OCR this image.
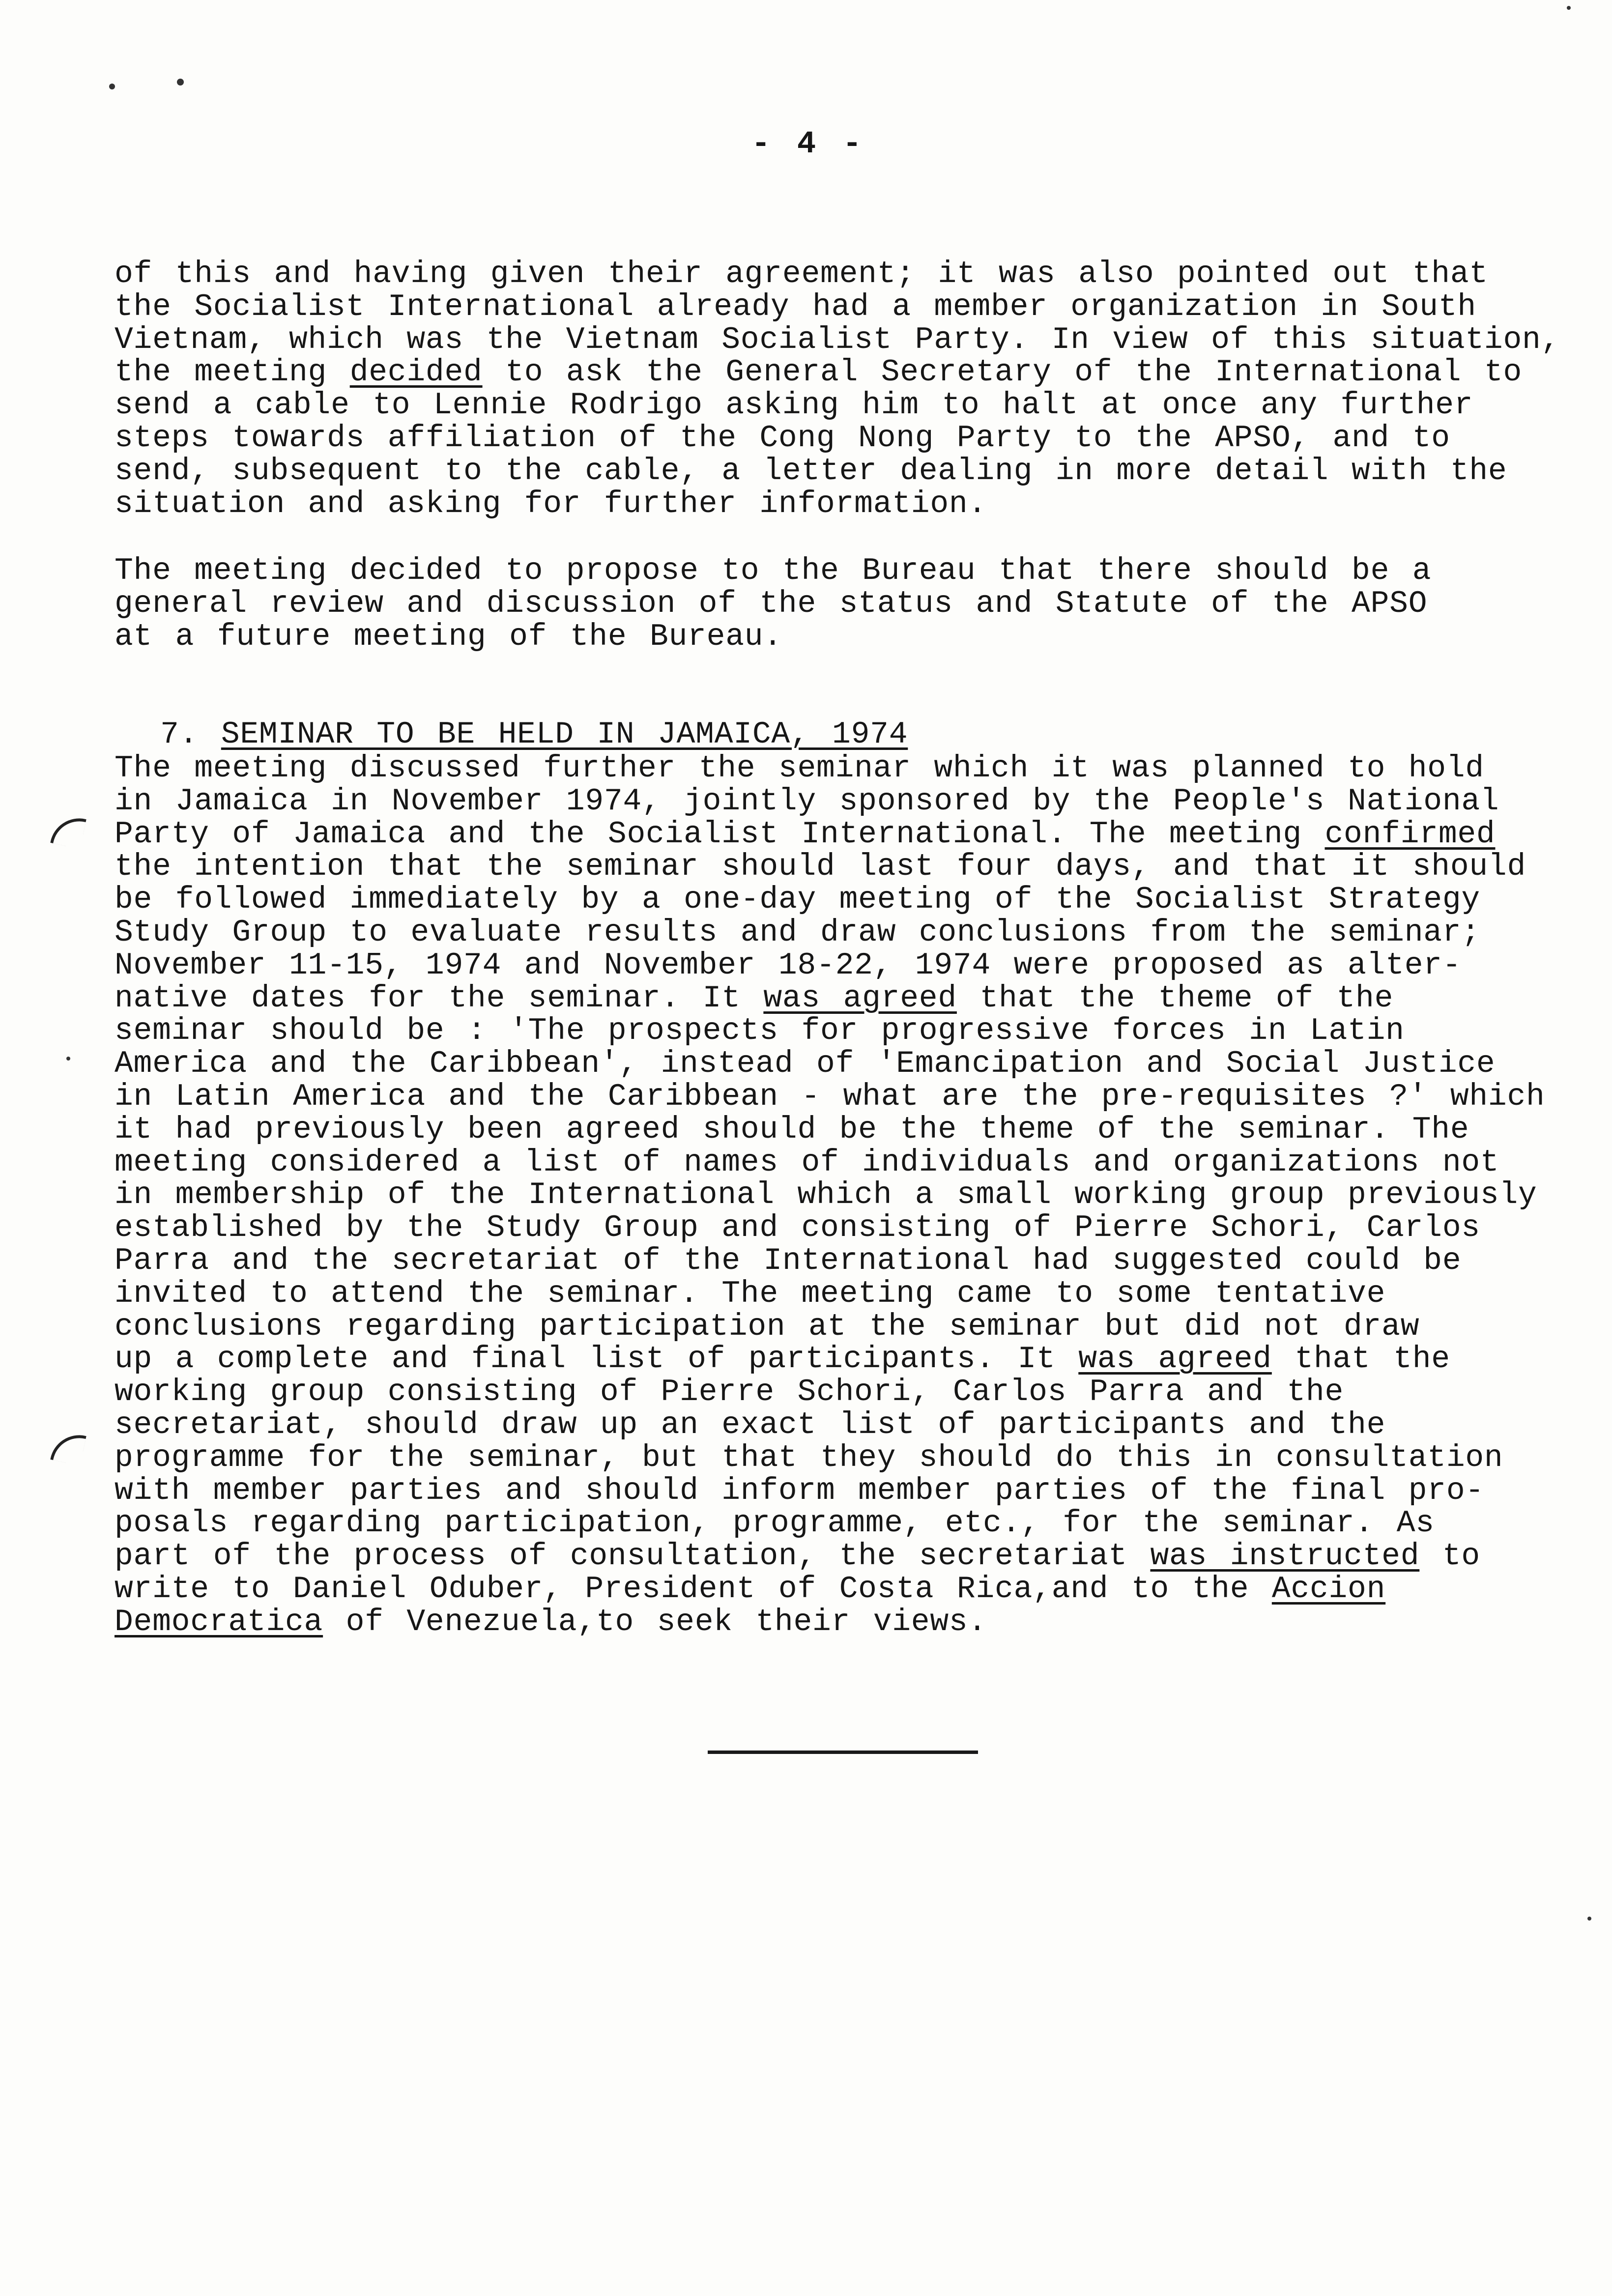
- 4 -
of this and having given their agreement; it was also pointed out that
the Socialist International already had a member organization in South
Vietnam, which was the Vietnam Socialist Party. In view of this situation,
the meeting decided to ask the General Secretary of the International to
send a cable to Lennie Rodrigo asking him to halt at once any further
steps towards affiliation of the Cong Nong Party to the APSO, and to
send, subsequent to the cable, a letter dealing in more detail with the
situation and asking for further information.
The meeting decided to propose to the Bureau that there should be a
general review and discussion of the status and Statute of the APSO
at a future meeting of the Bureau.

7. SEMINAR TO BE HELD IN JAMAICA, 1974

The meeting discussed further the seminar which it was planned to hold
in Jamaica in November 1974, jointly sponsored by the People's National
Party of Jamaica and the Socialist International. The meeting confirmed
the intention that the seminar should last four days, and that it should
be followed immediately by a one-day meeting of the Socialist Strategy
Study Group to evaluate results and draw conclusions from the seminar;
November 11-15, 1974 and November 18-22, 1974 were proposed as alter-
native dates for the seminar. It was agreed that the theme of the
seminar should be : 'The prospects for progressive forces in Latin
America and the Caribbean', instead of 'Emancipation and Social Justice
in Latin America and the Caribbean - what are the pre-requisites ?' which
it had previously been agreed should be the theme of the seminar. The
meeting considered a list of names of individuals and organizations not
in membership of the International which a small working group previously
established by the Study Group and consisting of Pierre Schori, Carlos
Parra and the secretariat of the International had suggested could be
invited to attend the seminar. The meeting came to some tentative
conclusions regarding participation at the seminar but did not draw
up a complete and final list of participants. It was agreed that the
working group consisting of Pierre Schori, Carlos Parra and the
secretariat, should draw up an exact list of participants and the
programme for the seminar, but that they should do this in consultation
with member parties and should inform member parties of the final pro-
posals regarding participation, programme, etc., for the seminar. As
part of the process of consultation, the secretariat was instructed to
write to Daniel Oduber, President of Costa Rica,and to the Accion
Democratica of Venezuela,to seek their views.
